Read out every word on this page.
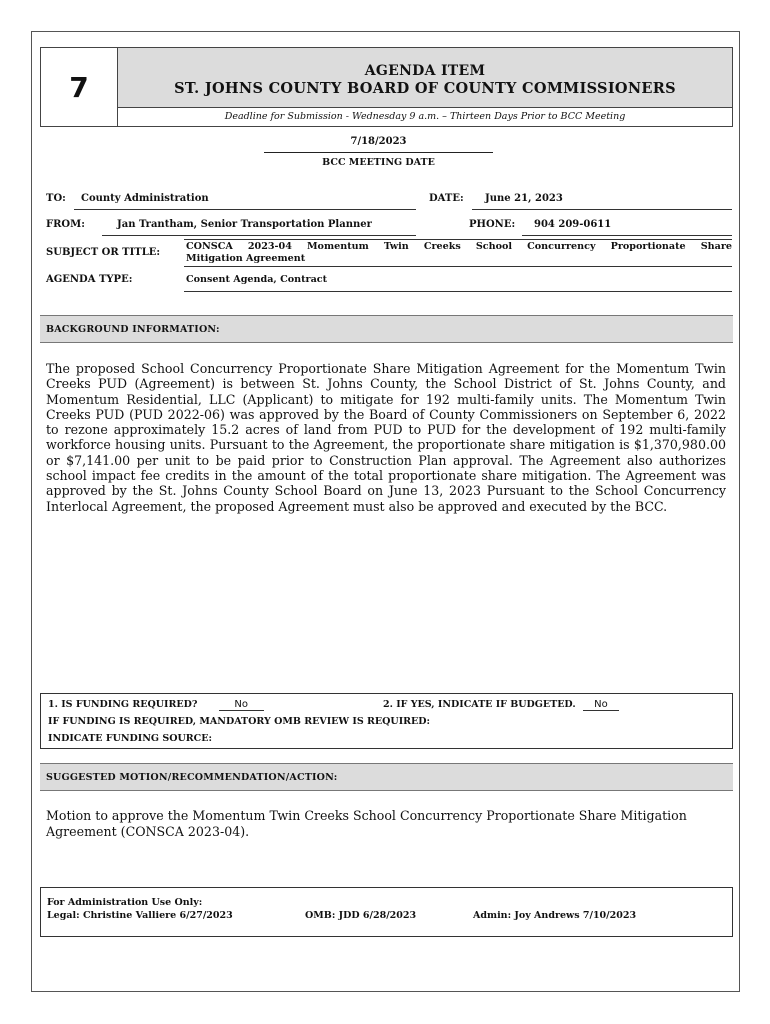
7	AGENDA ITEM
ST. JOHNS COUNTY BOARD OF COUNTY COMMISSIONERS
Deadline for Submission - Wednesday 9 a.m. – Thirteen Days Prior to BCC Meeting
7/18/2023
BCC MEETING DATE
TO: County Administration	DATE: June 21, 2023
FROM:	Jan Trantham, Senior Transportation Planner	PHONE: 904 209-0611
SUBJECT OR TITLE:
CONSCA 2023-04 Momentum Twin Creeks School Concurrency Proportionate Share
Mitigation Agreement
AGENDA TYPE:	Consent Agenda, Contract
BACKGROUND INFORMATION:
The proposed School Concurrency Proportionate Share Mitigation Agreement for the Momentum Twin Creeks PUD (Agreement) is between St. Johns County, the School District of St. Johns County, and Momentum Residential, LLC (Applicant) to mitigate for 192 multi-family units. The Momentum Twin Creeks PUD (PUD 2022-06) was approved by the Board of County Commissioners on September 6, 2022 to rezone approximately 15.2 acres of land from PUD to PUD for the development of 192 multi-family workforce housing units. Pursuant to the Agreement, the proportionate share mitigation is $1,370,980.00 or $7,141.00 per unit to be paid prior to Construction Plan approval. The Agreement also authorizes school impact fee credits in the amount of the total proportionate share mitigation. The Agreement was approved by the St. Johns County School Board on June 13, 2023 Pursuant to the School Concurrency Interlocal Agreement, the proposed Agreement must also be approved and executed by the BCC.
1. IS FUNDING REQUIRED?	No	2. IF YES, INDICATE IF BUDGETED. No
IF FUNDING IS REQUIRED, MANDATORY OMB REVIEW IS REQUIRED:
INDICATE FUNDING SOURCE:
SUGGESTED MOTION/RECOMMENDATION/ACTION:
Motion to approve the Momentum Twin Creeks School Concurrency Proportionate Share Mitigation Agreement (CONSCA 2023-04).
For Administration Use Only:
Legal: Christine Valliere 6/27/2023	OMB: JDD 6/28/2023	Admin: Joy Andrews 7/10/2023
